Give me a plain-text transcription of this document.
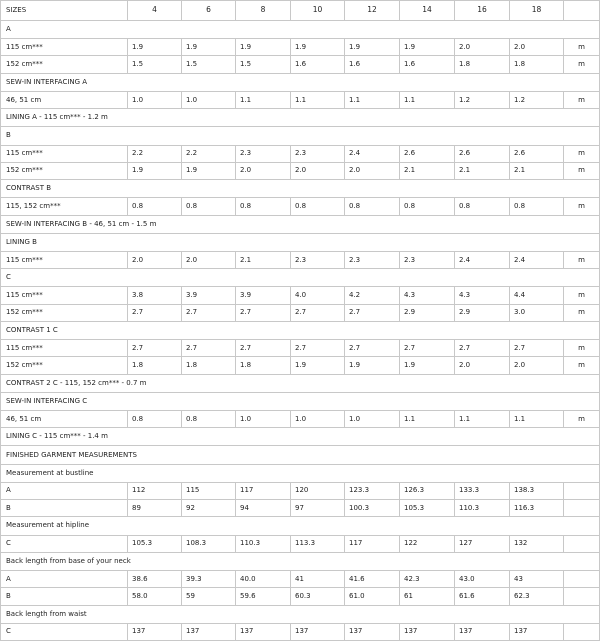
SIZES	4	6	8	10	12	14	16	18
A
115 cm***	1.9	1.9	1.9	1.9	1.9	1.9	2.0	2.0	m
152 cm***	1.5	1.5	1.5	1.6	1.6	1.6	1.8	1.8	m
SEW-IN INTERFACING A
46, 51 cm	1.0	1.0	1.1	1.1	1.1	1.1	1.2	1.2	m
LINING A - 115 cm*** - 1.2 m
B
115 cm***	2.2	2.2	2.3	2.3	2.4	2.6	2.6	2.6	m
152 cm***	1.9	1.9	2.0	2.0	2.0	2.1	2.1	2.1	m
CONTRAST B
115, 152 cm***	0.8	0.8	0.8	0.8	0.8	0.8	0.8	0.8	m
SEW-IN INTERFACING B - 46, 51 cm - 1.5 m
LINING B
115 cm***	2.0	2.0	2.1	2.3	2.3	2.3	2.4	2.4	m
C
115 cm***	3.8	3.9	3.9	4.0	4.2	4.3	4.3	4.4	m
152 cm***	2.7	2.7	2.7	2.7	2.7	2.9	2.9	3.0	m
CONTRAST 1 C
115 cm***	2.7	2.7	2.7	2.7	2.7	2.7	2.7	2.7	m
152 cm***	1.8	1.8	1.8	1.9	1.9	1.9	2.0	2.0	m
CONTRAST 2 C - 115, 152 cm*** - 0.7 m
SEW-IN INTERFACING C
46, 51 cm	0.8	0.8	1.0	1.0	1.0	1.1	1.1	1.1	m
LINING C - 115 cm*** - 1.4 m
FINISHED GARMENT MEASUREMENTS
Measurement at bustline
A	112	115	117	120	123.3	126.3	133.3	138.3
B	89	92	94	97	100.3	105.3	110.3	116.3
Measurement at hipline
C	105.3	108.3	110.3	113.3	117	122	127	132
Back length from base of your neck
A	38.6	39.3	40.0	41	41.6	42.3	43.0	43
B	58.0	59	59.6	60.3	61.0	61	61.6	62.3
Back length from waist
C	137	137	137	137	137	137	137	137
